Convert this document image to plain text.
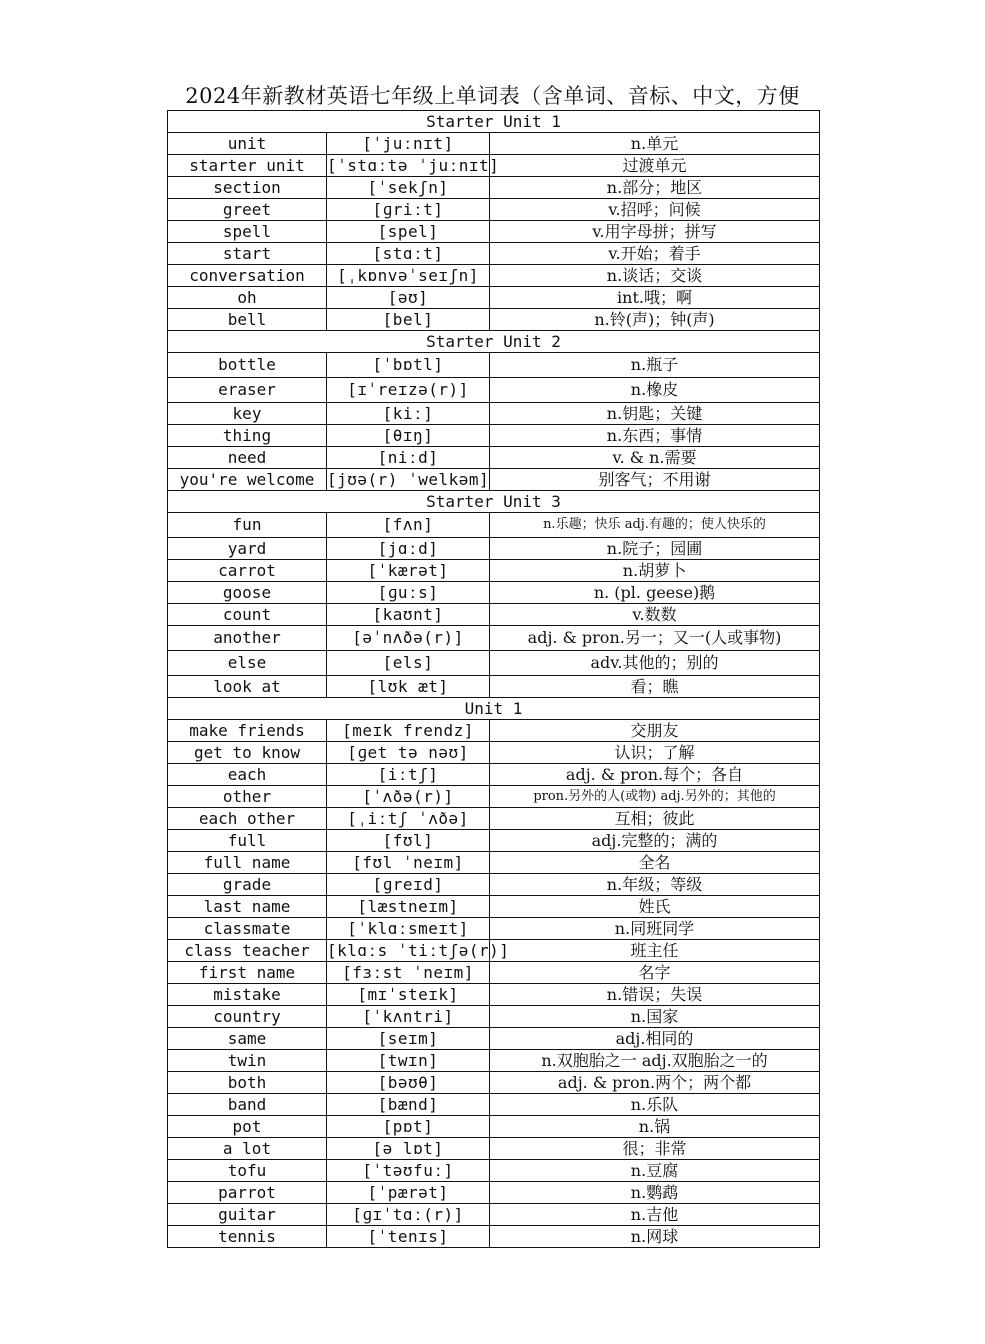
2024年新教材英语七年级上单词表（含单词、音标、中文，方便
Starter Unit 1		
unit	[ˈjuːnɪt]	n.单元
starter unit	[ˈstɑːtə ˈjuːnɪt]	过渡单元
section	[ˈsekʃn]	n.部分；地区
greet	[ɡriːt]	v.招呼；问候
spell	[spel]	v.用字母拼；拼写
start	[stɑːt]	v.开始；着手
conversation	[ˌkɒnvəˈseɪʃn]	n.谈话；交谈
oh	[əʊ]	int.哦；啊
bell	[bel]	n.铃(声)；钟(声)
Starter Unit 2		
bottle	[ˈbɒtl]	n.瓶子
eraser	[ɪˈreɪzə(r)]	n.橡皮
key	[kiː]	n.钥匙；关键
thing	[θɪŋ]	n.东西；事情
need	[niːd]	v. & n.需要
you're welcome	[jʊə(r) ˈwelkəm]	别客气；不用谢
Starter Unit 3		
fun	[fʌn]	n.乐趣；快乐 adj.有趣的；使人快乐的
yard	[jɑːd]	n.院子；园圃
carrot	[ˈkærət]	n.胡萝卜
goose	[ɡuːs]	n. (pl. geese)鹅
count	[kaʊnt]	v.数数
another	[əˈnʌðə(r)]	adj. & pron.另一；又一(人或事物)
else	[els]	adv.其他的；别的
look at	[lʊk æt]	看；瞧
Unit 1		
make friends	[meɪk frendz]	交朋友
get to know	[ɡet tə nəʊ]	认识；了解
each	[iːtʃ]	adj. & pron.每个；各自
other	[ˈʌðə(r)]	pron.另外的人(或物) adj.另外的；其他的
each other	[ˌiːtʃ ˈʌðə]	互相；彼此
full	[fʊl]	adj.完整的；满的
full name	[fʊl ˈneɪm]	全名
grade	[ɡreɪd]	n.年级；等级
last name	[læstneɪm]	姓氏
classmate	[ˈklɑːsmeɪt]	n.同班同学
class teacher	[klɑːs ˈtiːtʃə(r)]	班主任
first name	[fɜːst ˈneɪm]	名字
mistake	[mɪˈsteɪk]	n.错误；失误
country	[ˈkʌntri]	n.国家
same	[seɪm]	adj.相同的
twin	[twɪn]	n.双胞胎之一 adj.双胞胎之一的
both	[bəʊθ]	adj. & pron.两个；两个都
band	[bænd]	n.乐队
pot	[pɒt]	n.锅
a lot	[ə lɒt]	很；非常
tofu	[ˈtəʊfuː]	n.豆腐
parrot	[ˈpærət]	n.鹦鹉
guitar	[ɡɪˈtɑː(r)]	n.吉他
tennis	[ˈtenɪs]	n.网球
